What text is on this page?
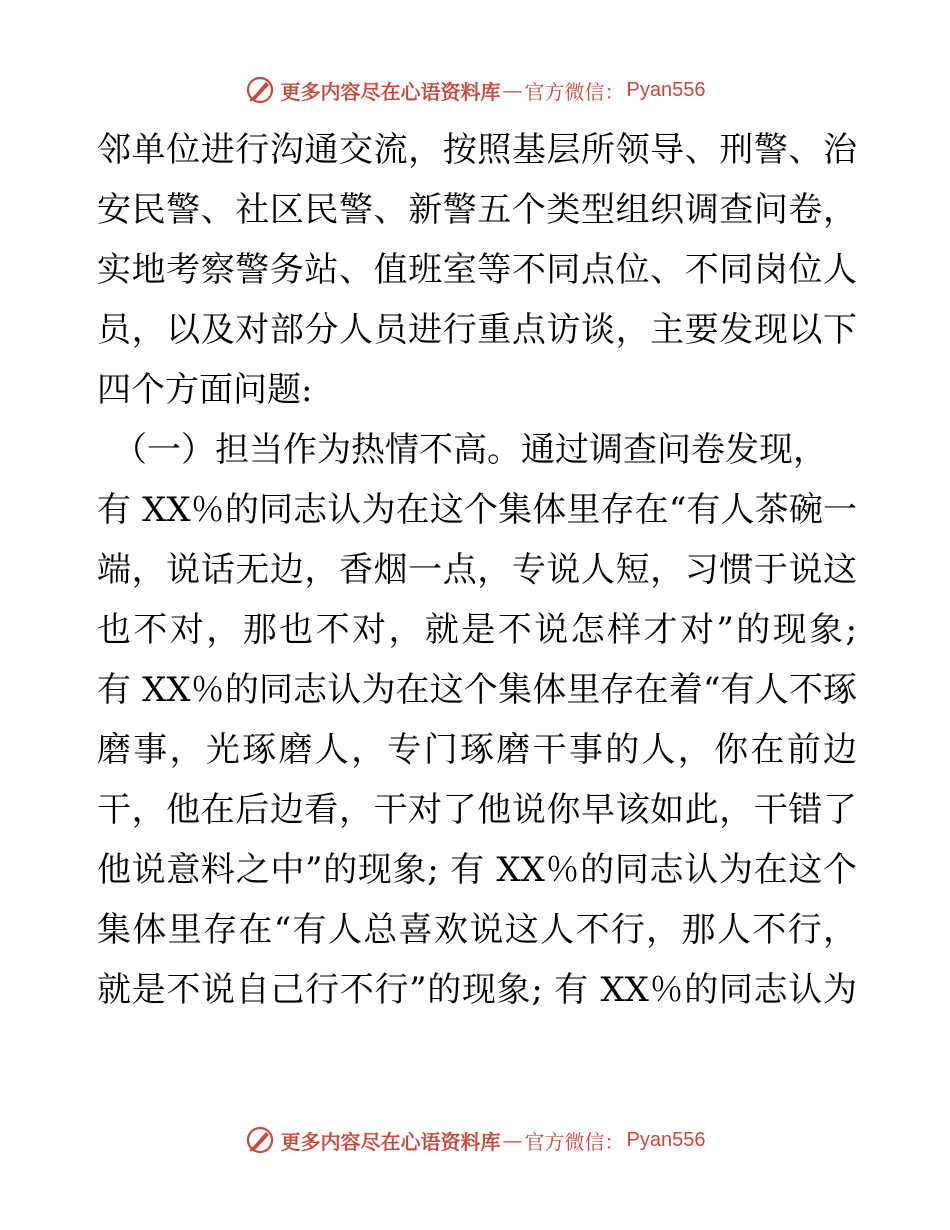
更多内容尽在心语资料库 — 官方微信： Pyan556
邻单位进行沟通交流，按照基层所领导、刑警、治
安民警、社区民警、新警五个类型组织调查问卷，
实地考察警务站、值班室等不同点位、不同岗位人
员，以及对部分人员进行重点访谈，主要发现以下
四个方面问题:
（一）担当作为热情不高。通过调查问卷发现，
有 XX％的同志认为在这个集体里存在“有人茶碗一
端，说话无边，香烟一点，专说人短，习惯于说这
也不对，那也不对，就是不说怎样才对”的现象;
有 XX％的同志认为在这个集体里存在着“有人不琢
磨事，光琢磨人，专门琢磨干事的人，你在前边
干，他在后边看，干对了他说你早该如此，干错了
他说意料之中”的现象; 有 XX％的同志认为在这个
集体里存在“有人总喜欢说这人不行，那人不行，
就是不说自己行不行”的现象; 有 XX％的同志认为
更多内容尽在心语资料库 — 官方微信： Pyan556
